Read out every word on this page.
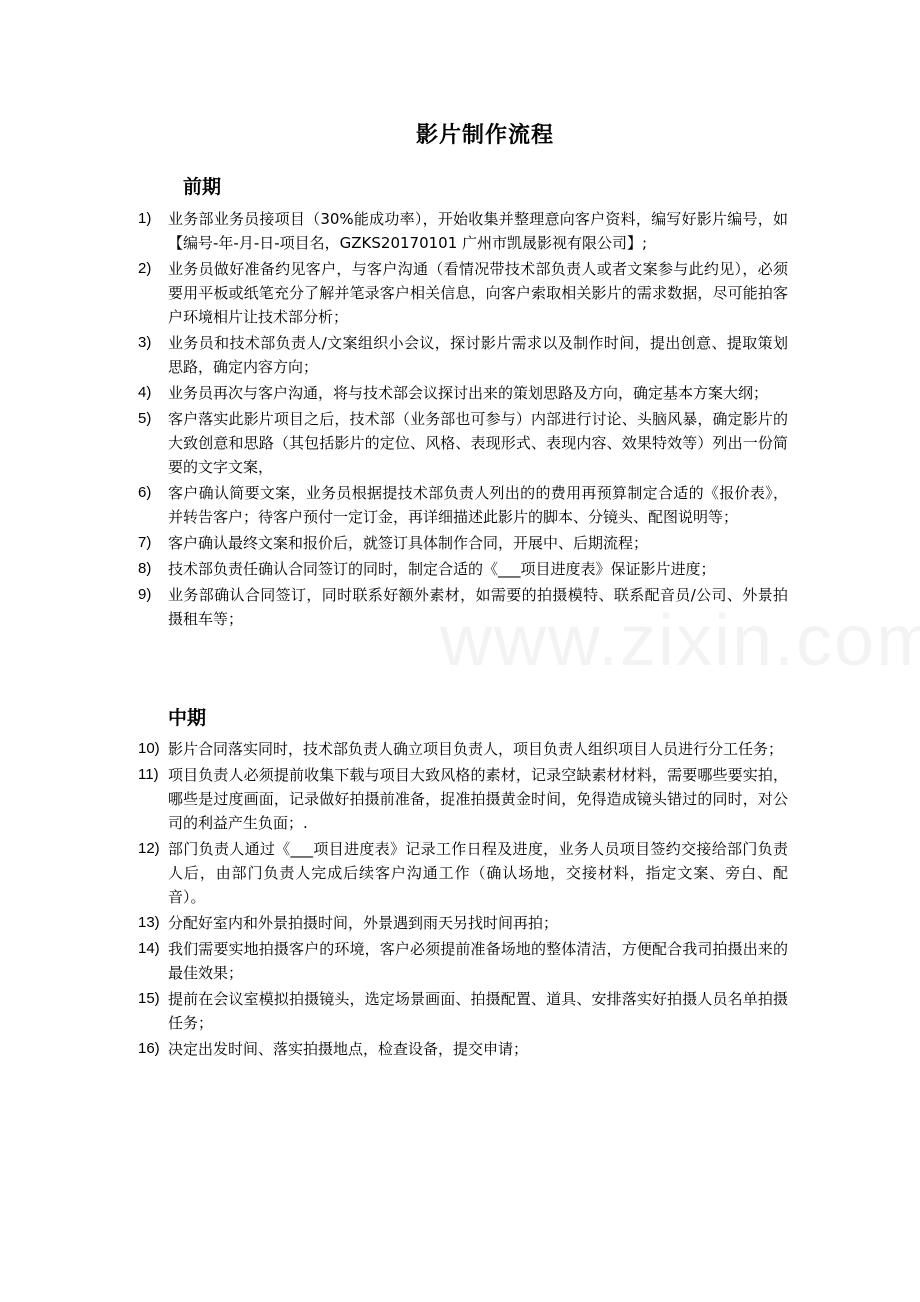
影片制作流程
前期
1) 业务部业务员接项目（30%能成功率），开始收集并整理意向客户资料，编写好影片编号，如【编号-年-月-日-项目名，GZKS20170101 广州市凯晟影视有限公司】;
2) 业务员做好准备约见客户，与客户沟通（看情况带技术部负责人或者文案参与此约见），必须要用平板或纸笔充分了解并笔录客户相关信息，向客户索取相关影片的需求数据，尽可能拍客户环境相片让技术部分析；
3) 业务员和技术部负责人/文案组织小会议，探讨影片需求以及制作时间，提出创意、提取策划思路，确定内容方向；
4) 业务员再次与客户沟通，将与技术部会议探讨出来的策划思路及方向，确定基本方案大纲；
5) 客户落实此影片项目之后，技术部（业务部也可参与）内部进行讨论、头脑风暴，确定影片的大致创意和思路（其包括影片的定位、风格、表现形式、表现内容、效果特效等）列出一份简要的文字文案，
6) 客户确认简要文案，业务员根据提技术部负责人列出的的费用再预算制定合适的《报价表》，并转告客户；待客户预付一定订金，再详细描述此影片的脚本、分镜头、配图说明等；
7) 客户确认最终文案和报价后，就签订具体制作合同，开展中、后期流程；
8) 技术部负责任确认合同签订的同时，制定合适的《___项目进度表》保证影片进度；
9) 业务部确认合同签订，同时联系好额外素材，如需要的拍摄模特、联系配音员/公司、外景拍摄租车等；
中期
10) 影片合同落实同时，技术部负责人确立项目负责人，项目负责人组织项目人员进行分工任务；
11) 项目负责人必须提前收集下载与项目大致风格的素材，记录空缺素材材料，需要哪些要实拍，哪些是过度画面，记录做好拍摄前准备，捉准拍摄黄金时间，免得造成镜头错过的同时，对公司的利益产生负面；.
12) 部门负责人通过《___项目进度表》记录工作日程及进度，业务人员项目签约交接给部门负责人后，由部门负责人完成后续客户沟通工作（确认场地，交接材料，指定文案、旁白、配音）。
13) 分配好室内和外景拍摄时间，外景遇到雨天另找时间再拍；
14) 我们需要实地拍摄客户的环境，客户必须提前准备场地的整体清洁，方便配合我司拍摄出来的最佳效果；
15) 提前在会议室模拟拍摄镜头，选定场景画面、拍摄配置、道具、安排落实好拍摄人员名单拍摄任务；
16) 决定出发时间、落实拍摄地点，检查设备，提交申请；
